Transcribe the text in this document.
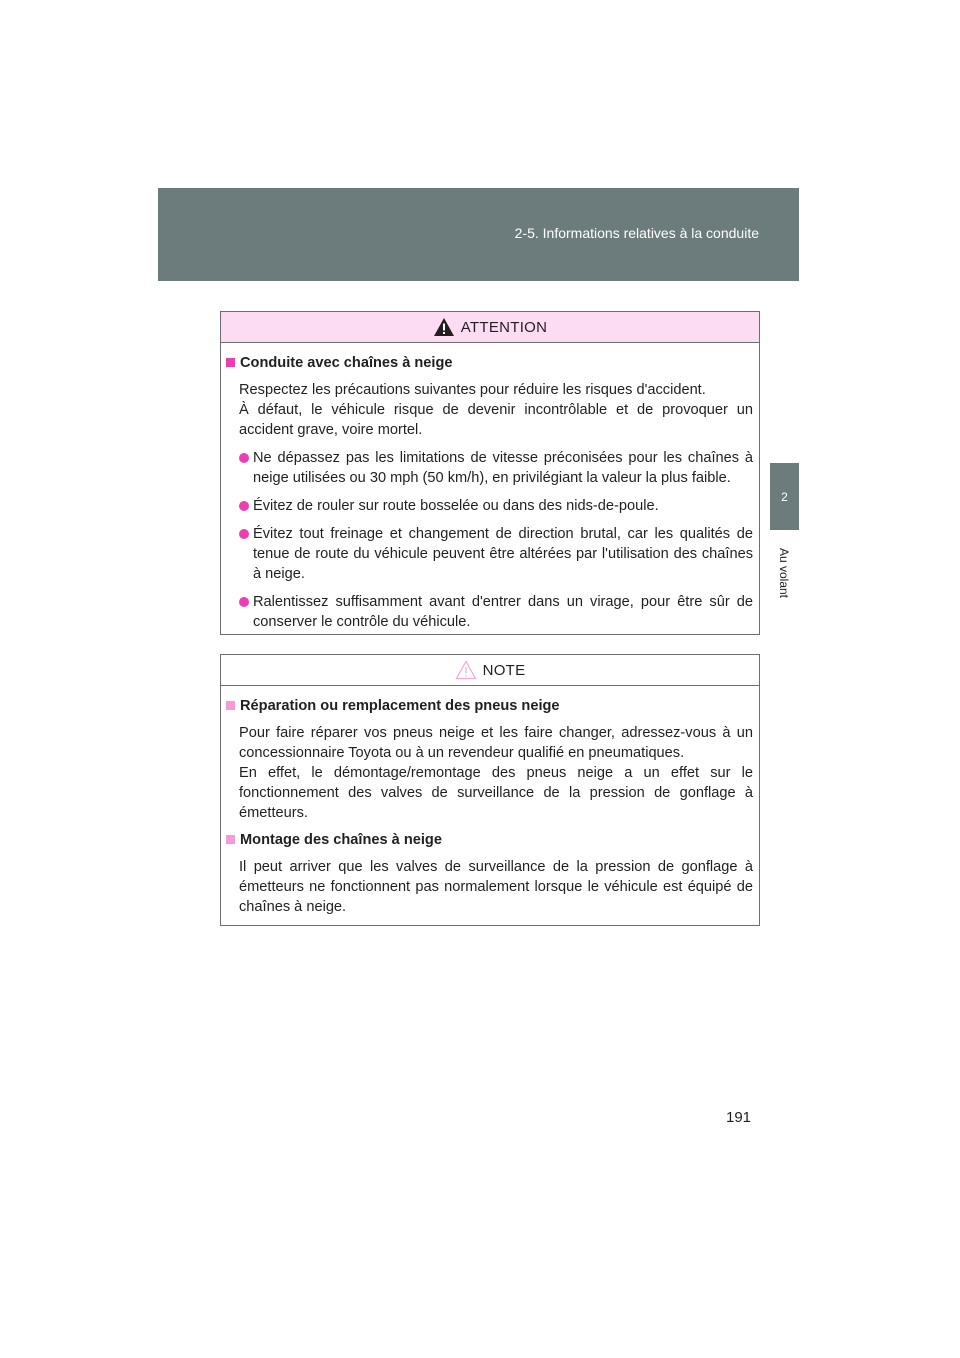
2-5. Informations relatives à la conduite
2
Au volant
ATTENTION
Conduite avec chaînes à neige

Respectez les précautions suivantes pour réduire les risques d'accident.

À défaut, le véhicule risque de devenir incontrôlable et de provoquer un accident grave, voire mortel.

Ne dépassez pas les limitations de vitesse préconisées pour les chaînes à neige utilisées ou 30 mph (50 km/h), en privilégiant la valeur la plus faible.
Évitez de rouler sur route bosselée ou dans des nids-de-poule.
Évitez tout freinage et changement de direction brutal, car les qualités de tenue de route du véhicule peuvent être altérées par l'utilisation des chaînes à neige.
Ralentissez suffisamment avant d'entrer dans un virage, pour être sûr de conserver le contrôle du véhicule.
NOTE
Réparation ou remplacement des pneus neige

Pour faire réparer vos pneus neige et les faire changer, adressez-vous à un concessionnaire Toyota ou à un revendeur qualifié en pneumatiques.

En effet, le démontage/remontage des pneus neige a un effet sur le fonctionnement des valves de surveillance de la pression de gonflage à émetteurs.

Montage des chaînes à neige

Il peut arriver que les valves de surveillance de la pression de gonflage à émetteurs ne fonctionnent pas normalement lorsque le véhicule est équipé de chaînes à neige.

191
